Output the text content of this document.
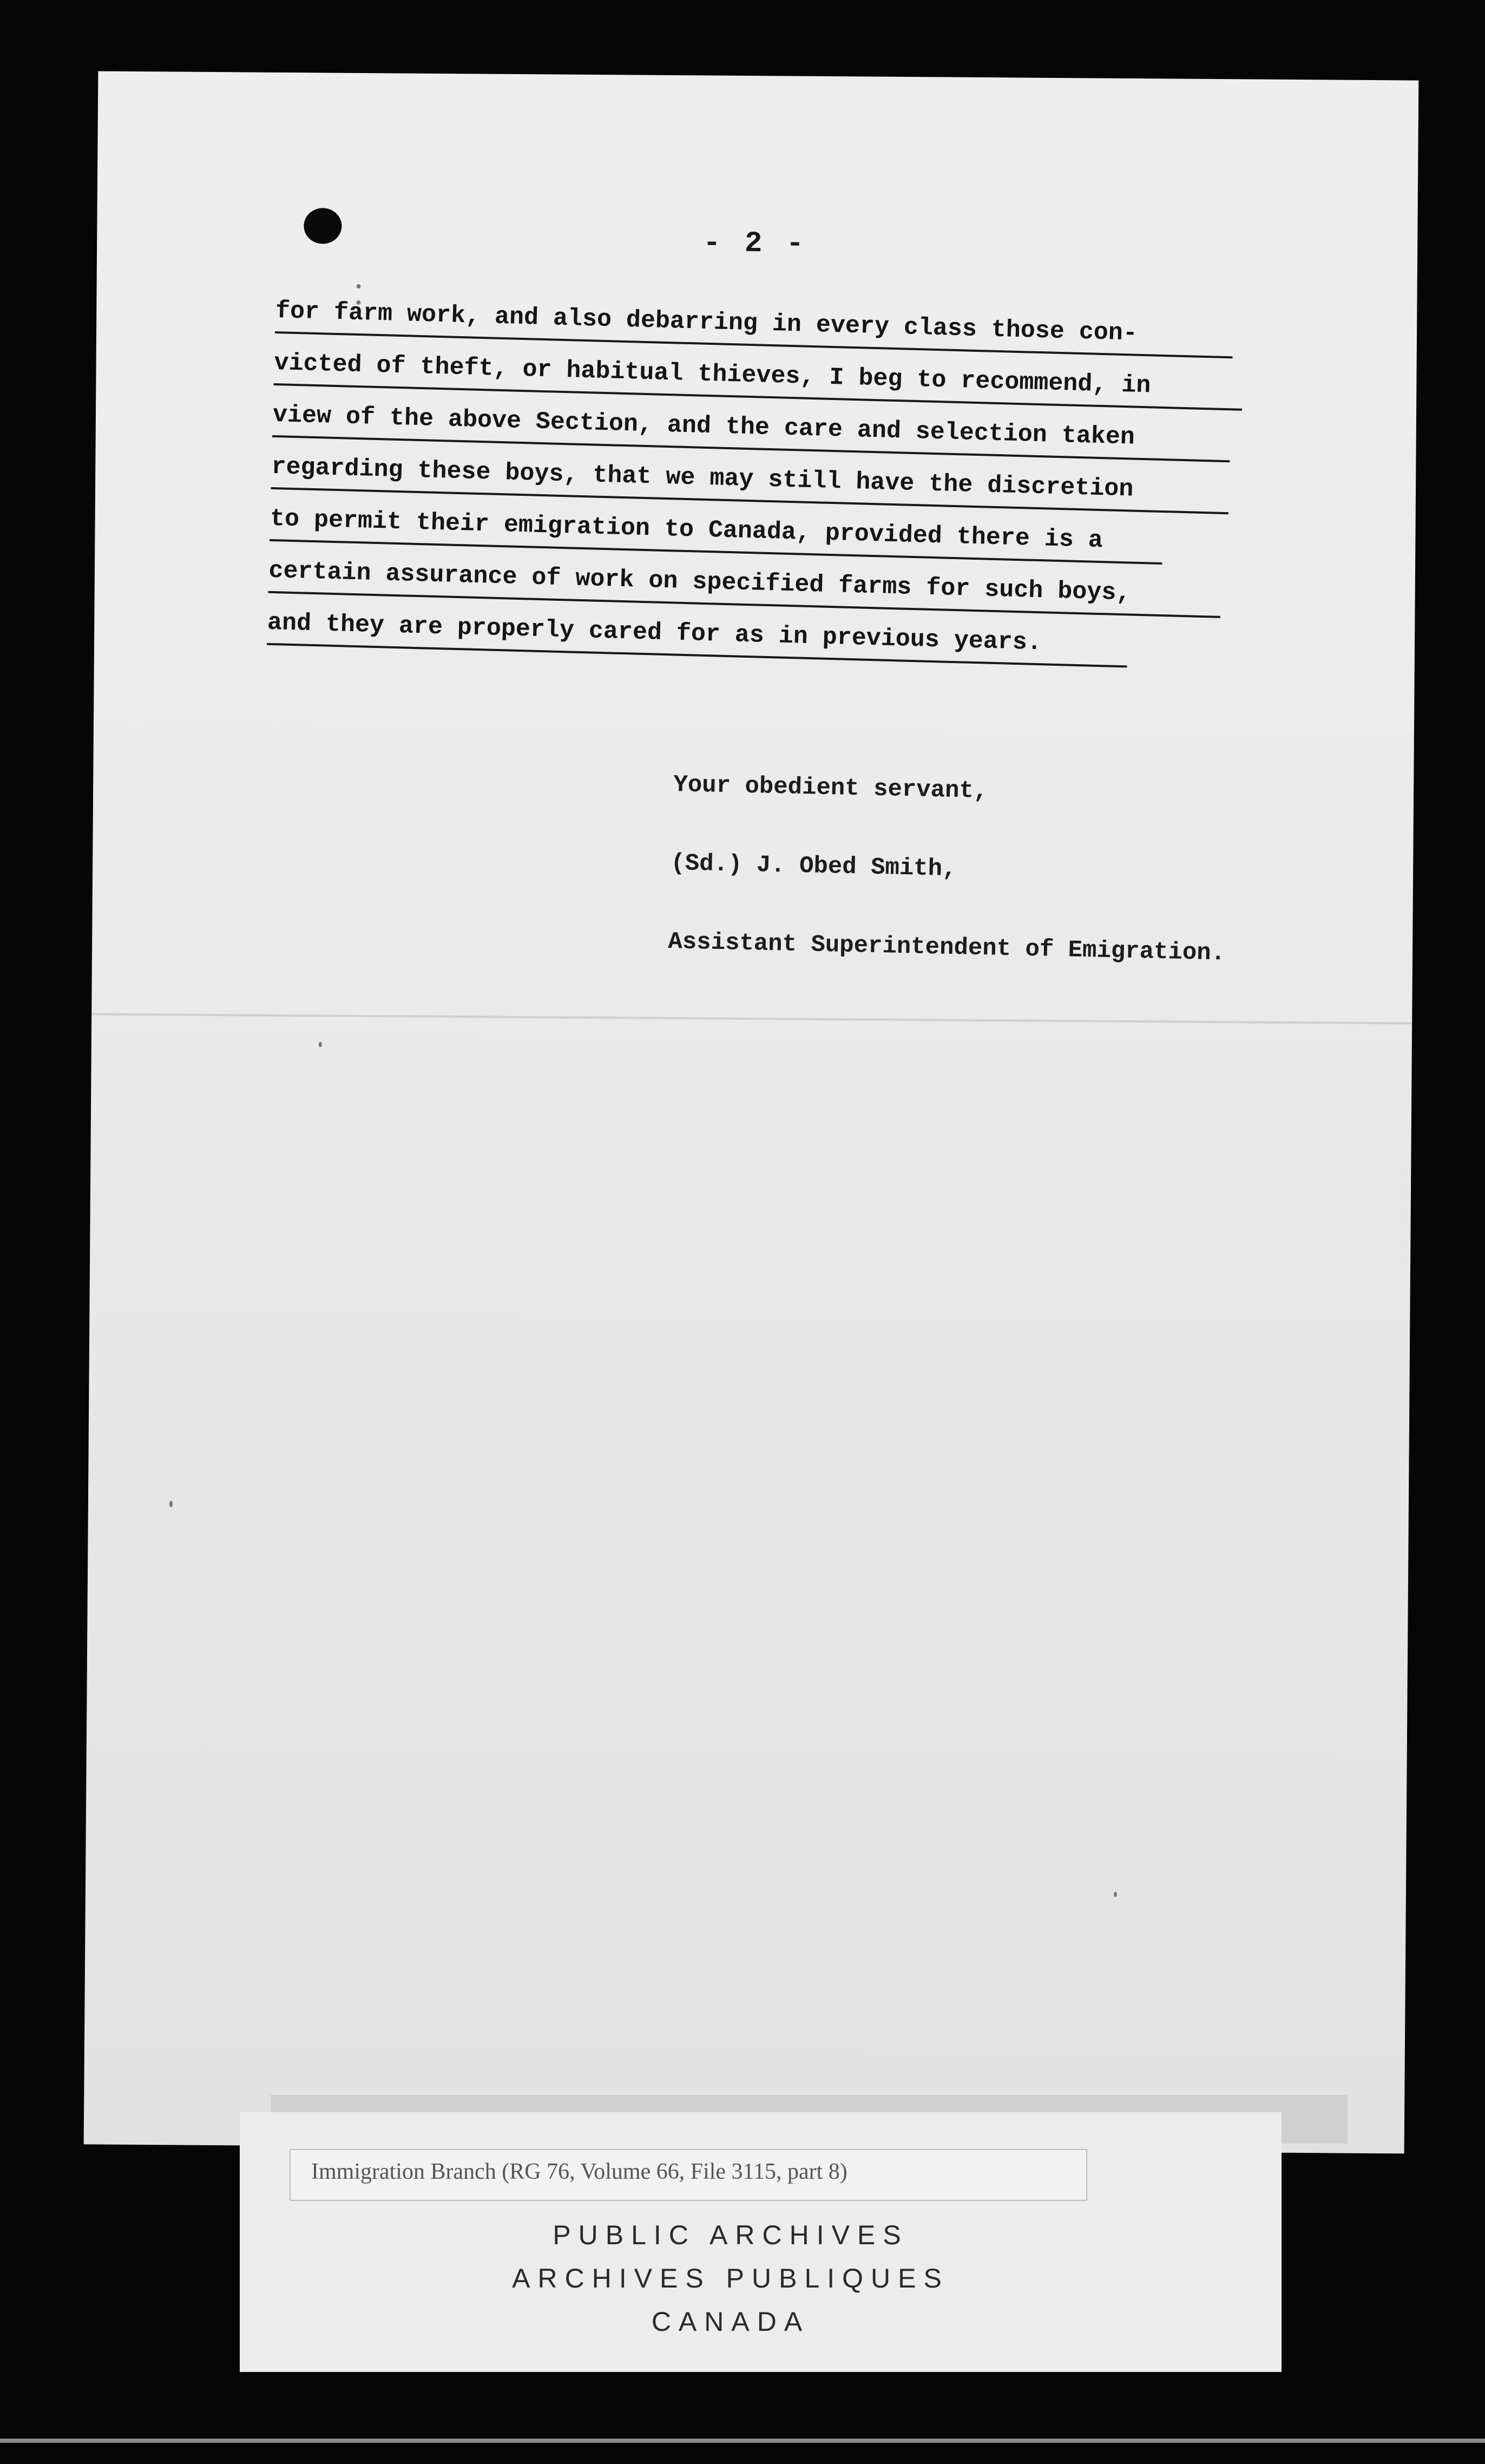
- 2 -
for farm work, and also debarring in every class those con-
victed of theft, or habitual thieves, I beg to recommend, in
view of the above Section, and the care and selection taken
regarding these boys, that we may still have the discretion
to permit their emigration to Canada, provided there is a
certain assurance of work on specified farms for such boys,
and they are properly cared for as in previous years.
Your obedient servant,
(Sd.) J. Obed Smith,
Assistant Superintendent of Emigration.
Immigration Branch (RG 76, Volume 66, File 3115, part 8)
PUBLIC ARCHIVES
ARCHIVES PUBLIQUES
CANADA
